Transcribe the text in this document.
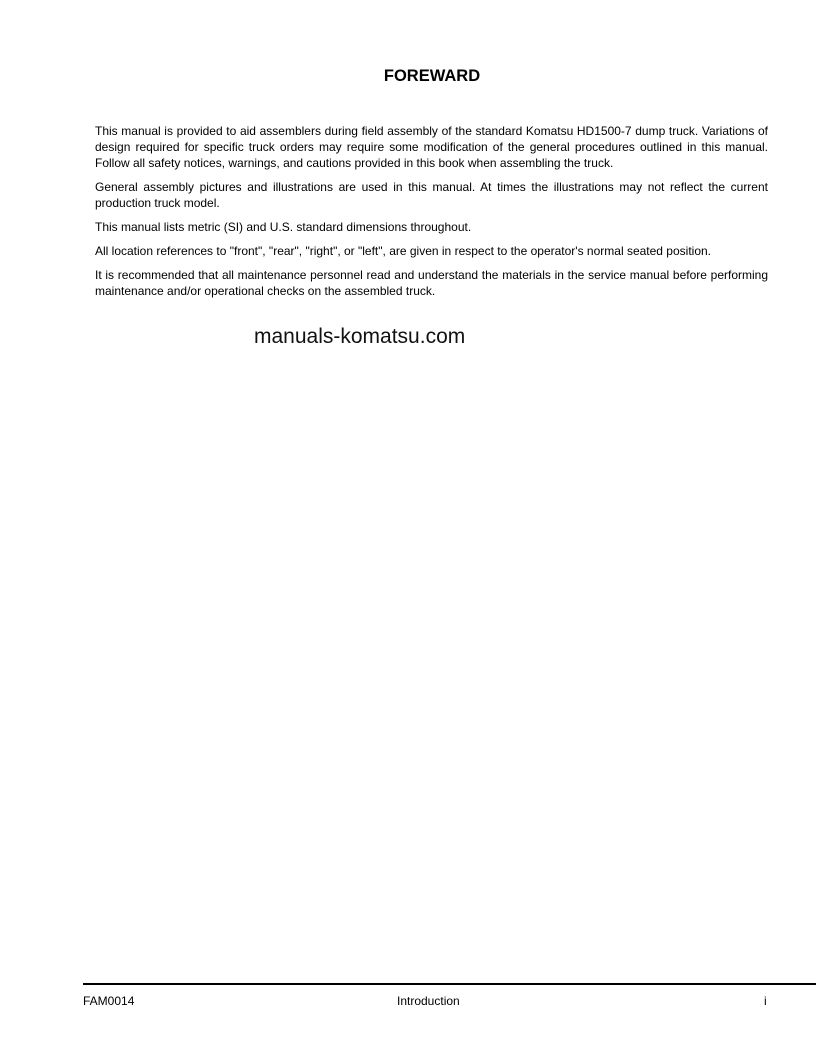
FOREWARD

This manual is provided to aid assemblers during field assembly of the standard Komatsu HD1500-7 dump truck. Variations of design required for specific truck orders may require some modification of the general procedures outlined in this manual. Follow all safety notices, warnings, and cautions provided in this book when assembling the truck.

General assembly pictures and illustrations are used in this manual. At times the illustrations may not reflect the current production truck model.

This manual lists metric (SI) and U.S. standard dimensions throughout.

All location references to "front", "rear", "right", or "left", are given in respect to the operator's normal seated position.

It is recommended that all maintenance personnel read and understand the materials in the service manual before performing maintenance and/or operational checks on the assembled truck.

manuals-komatsu.com
FAM0014	Introduction	i
